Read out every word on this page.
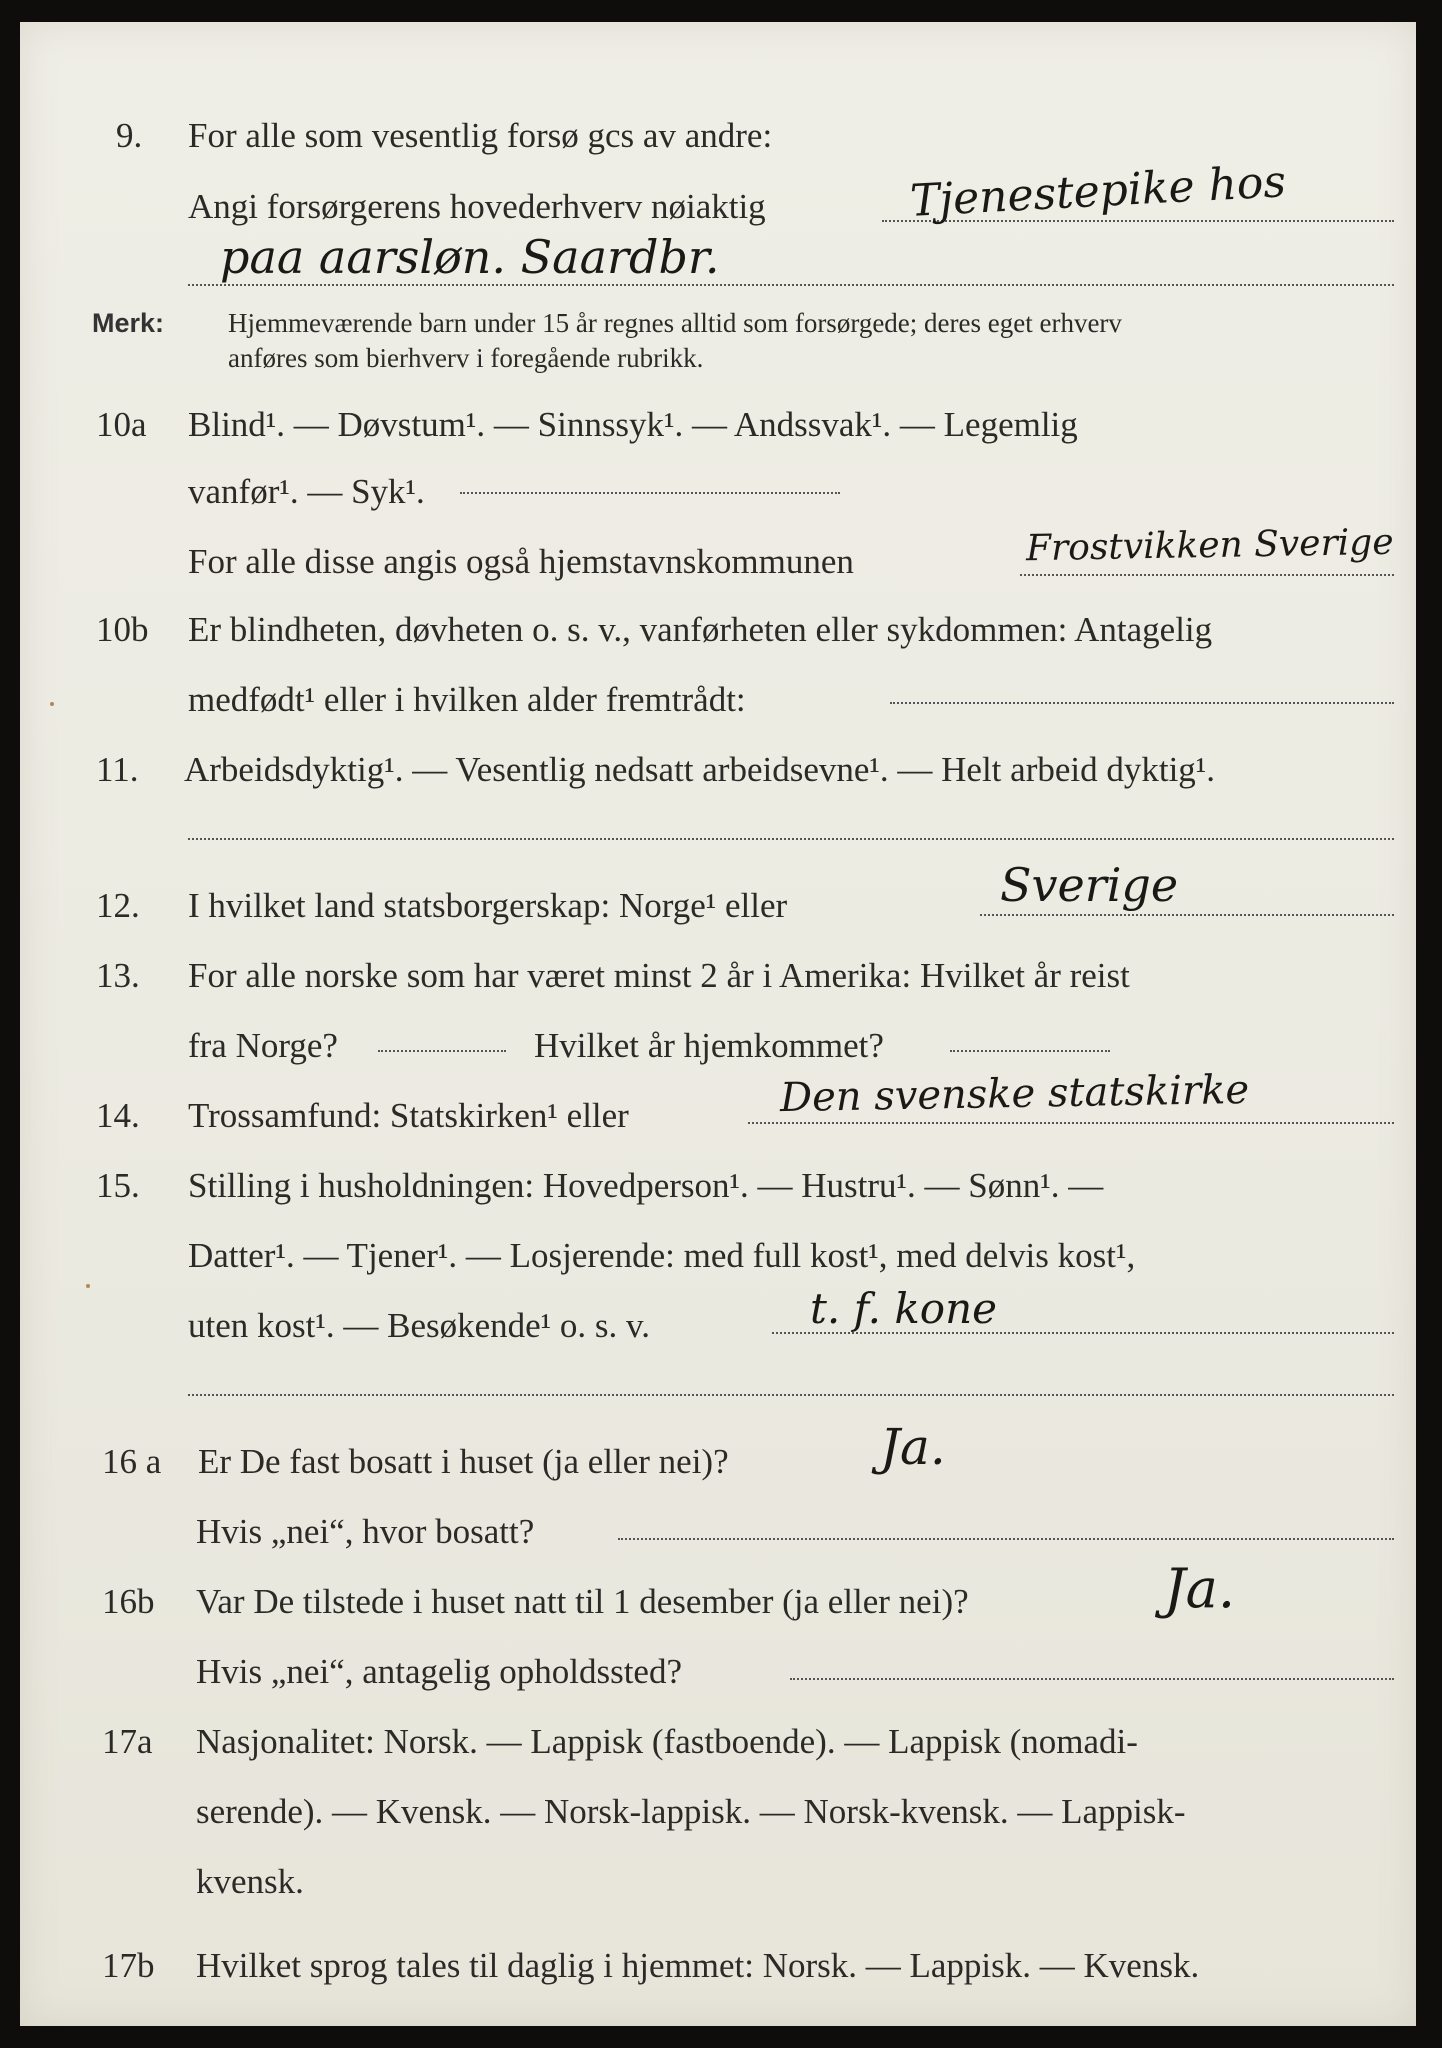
9. For alle som vesentlig forsø gcs av andre:
Angi forsørgerens hovederhverv nøiaktig	Tjenestepike hos
paa aarsløn. Saardbr.
Merk: Hjemmeværende barn under 15 år regnes alltid som forsørgede; deres eget erhverv
anføres som bierhverv i foregående rubrikk.
10a Blind¹. — Døvstum¹. — Sinnssyk¹. — Andssvak¹. — Legemlig
vanfør¹. — Syk¹.
For alle disse angis også hjemstavnskommunen	Frostvikken Sverige
10b Er blindheten, døvheten o. s. v., vanførheten eller sykdommen: Antagelig
medfødt¹ eller i hvilken alder fremtrådt:
11. Arbeidsdyktig¹. — Vesentlig nedsatt arbeidsevne¹. — Helt arbeid dyktig¹.
12. I hvilket land statsborgerskap: Norge¹ eller	Sverige
13. For alle norske som har været minst 2 år i Amerika: Hvilket år reist
fra Norge?	Hvilket år hjemkommet?
14. Trossamfund: Statskirken¹ eller	Den svenske statskirke
15. Stilling i husholdningen: Hovedperson¹. — Hustru¹. — Sønn¹. —
Datter¹. — Tjener¹. — Losjerende: med full kost¹, med delvis kost¹,
uten kost¹. — Besøkende¹ o. s. v.	t. f. kone
16 a Er De fast bosatt i huset (ja eller nei)?	Ja.
Hvis „nei“, hvor bosatt?
16b Var De tilstede i huset natt til 1 desember (ja eller nei)?	Ja.
Hvis „nei“, antagelig opholdssted?
17a Nasjonalitet: Norsk. — Lappisk (fastboende). — Lappisk (nomadi-
serende). — Kvensk. — Norsk-lappisk. — Norsk-kvensk. — Lappisk-
kvensk.
17b Hvilket sprog tales til daglig i hjemmet: Norsk. — Lappisk. — Kvensk.
